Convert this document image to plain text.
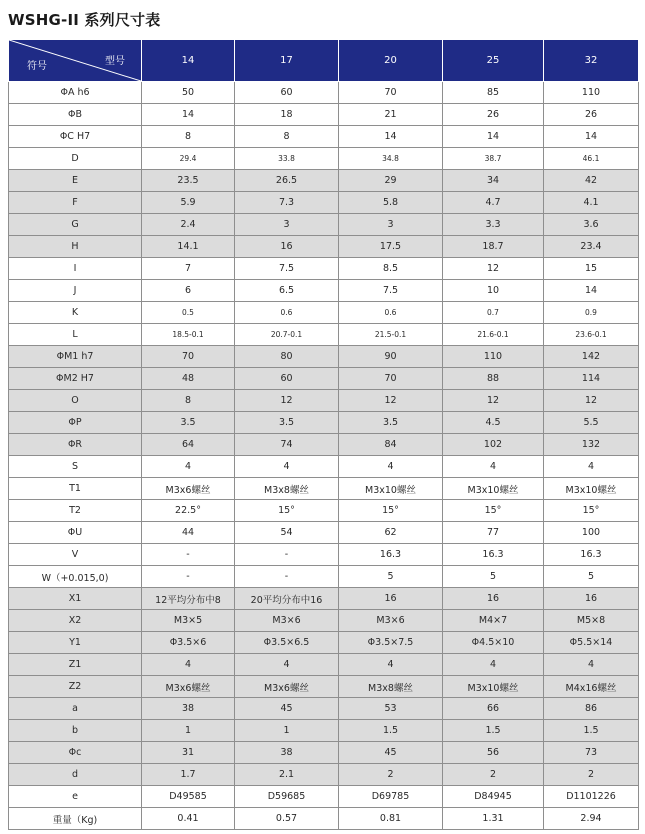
WSHG-II 系列尺寸表
型号
符号	14	17	20	25	32
ΦA h6	50	60	70	85	110
ΦB	14	18	21	26	26
ΦC H7	8	8	14	14	14
D	29.4	33.8	34.8	38.7	46.1
E	23.5	26.5	29	34	42
F	5.9	7.3	5.8	4.7	4.1
G	2.4	3	3	3.3	3.6
H	14.1	16	17.5	18.7	23.4
I	7	7.5	8.5	12	15
J	6	6.5	7.5	10	14
K	0.5	0.6	0.6	0.7	0.9
L	18.5-0.1	20.7-0.1	21.5-0.1	21.6-0.1	23.6-0.1
ΦM1 h7	70	80	90	110	142
ΦM2 H7	48	60	70	88	114
O	8	12	12	12	12
ΦP	3.5	3.5	3.5	4.5	5.5
ΦR	64	74	84	102	132
S	4	4	4	4	4
T1	M3x6螺丝	M3x8螺丝	M3x10螺丝	M3x10螺丝	M3x10螺丝
T2	22.5°	15°	15°	15°	15°
ΦU	44	54	62	77	100
V	-	-	16.3	16.3	16.3
W（+0.015,0)	-	-	5	5	5
X1	12平均分布中8	20平均分布中16	16	16	16
X2	M3×5	M3×6	M3×6	M4×7	M5×8
Y1	Φ3.5×6	Φ3.5×6.5	Φ3.5×7.5	Φ4.5×10	Φ5.5×14
Z1	4	4	4	4	4
Z2	M3x6螺丝	M3x6螺丝	M3x8螺丝	M3x10螺丝	M4x16螺丝
a	38	45	53	66	86
b	1	1	1.5	1.5	1.5
Φc	31	38	45	56	73
d	1.7	2.1	2	2	2
e	D49585	D59685	D69785	D84945	D1101226
重量（Kg)	0.41	0.57	0.81	1.31	2.94
